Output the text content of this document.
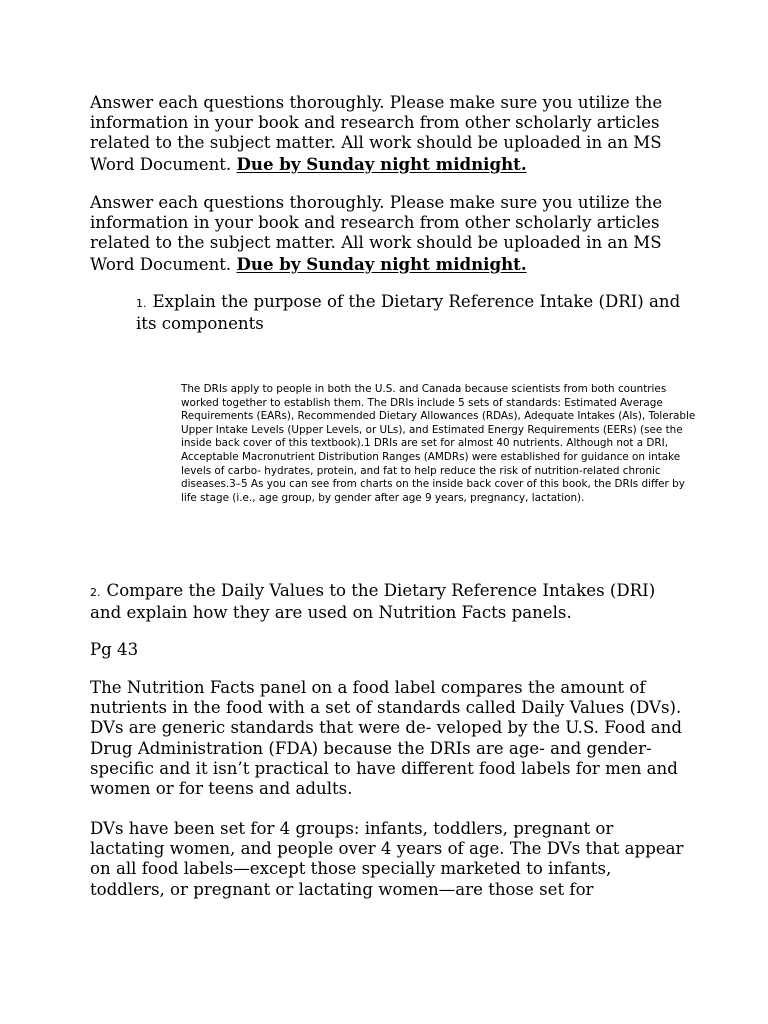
Answer each questions thoroughly. Please make sure you utilize the information in your book and research from other scholarly articles related to the subject matter. All work should be uploaded in an MS Word Document. Due by Sunday night midnight.

Answer each questions thoroughly. Please make sure you utilize the information in your book and research from other scholarly articles related to the subject matter. All work should be uploaded in an MS Word Document. Due by Sunday night midnight.

1. Explain the purpose of the Dietary Reference Intake (DRI) and its components

The DRIs apply to people in both the U.S. and Canada because scientists from both countries worked together to establish them. The DRIs include 5 sets of standards: Estimated Average Requirements (EARs), Recommended Dietary Allowances (RDAs), Adequate Intakes (AIs), Tolerable Upper Intake Levels (Upper Levels, or ULs), and Estimated Energy Requirements (EERs) (see the inside back cover of this textbook).1 DRIs are set for almost 40 nutrients. Although not a DRI, Acceptable Macronutrient Distribution Ranges (AMDRs) were established for guidance on intake levels of carbo- hydrates, protein, and fat to help reduce the risk of nutrition-related chronic diseases.3–5 As you can see from charts on the inside back cover of this book, the DRIs differ by life stage (i.e., age group, by gender after age 9 years, pregnancy, lactation).

2. Compare the Daily Values to the Dietary Reference Intakes (DRI) and explain how they are used on Nutrition Facts panels.

Pg 43

The Nutrition Facts panel on a food label compares the amount of nutrients in the food with a set of standards called Daily Values (DVs). DVs are generic standards that were de- veloped by the U.S. Food and Drug Administration (FDA) because the DRIs are age- and gender-specific and it isn’t practical to have different food labels for men and women or for teens and adults.

DVs have been set for 4 groups: infants, toddlers, pregnant or lactating women, and people over 4 years of age. The DVs that appear on all food labels—except those specially marketed to infants, toddlers, or pregnant or lactating women—are those set for
